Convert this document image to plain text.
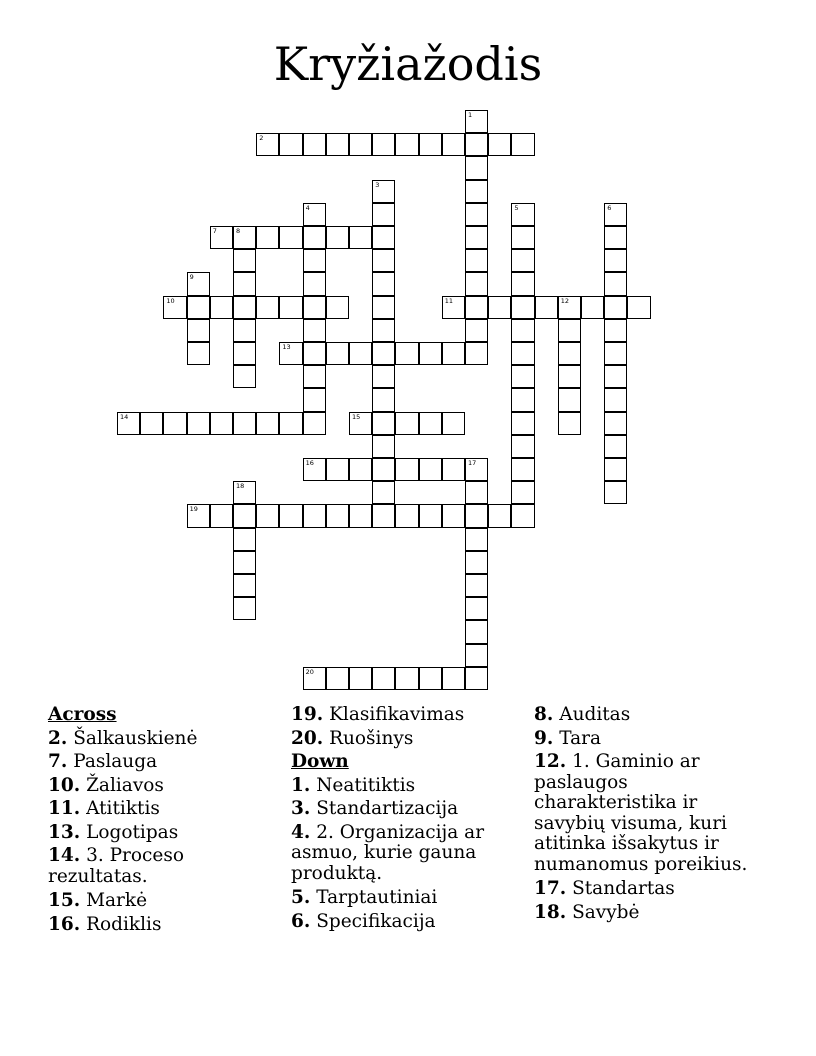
Kryžiažodis
2
7	8
10	11	12
13
14	15
16	17
19
20
1
3
4	5	6
9
18
Across
2. Šalkauskienė
7. Paslauga
10. Žaliavos
11. Atitiktis
13. Logotipas
14. 3. Proceso rezultatas.
15. Markė
16. Rodiklis
19. Klasifikavimas
20. Ruošinys
Down
1. Neatitiktis
3. Standartizacija
4. 2. Organizacija ar asmuo, kurie gauna produktą.
5. Tarptautiniai
6. Specifikacija
8. Auditas
9. Tara
12. 1. Gaminio ar paslaugos charakteristika ir savybių visuma, kuri atitinka išsakytus ir numanomus poreikius.
17. Standartas
18. Savybė
